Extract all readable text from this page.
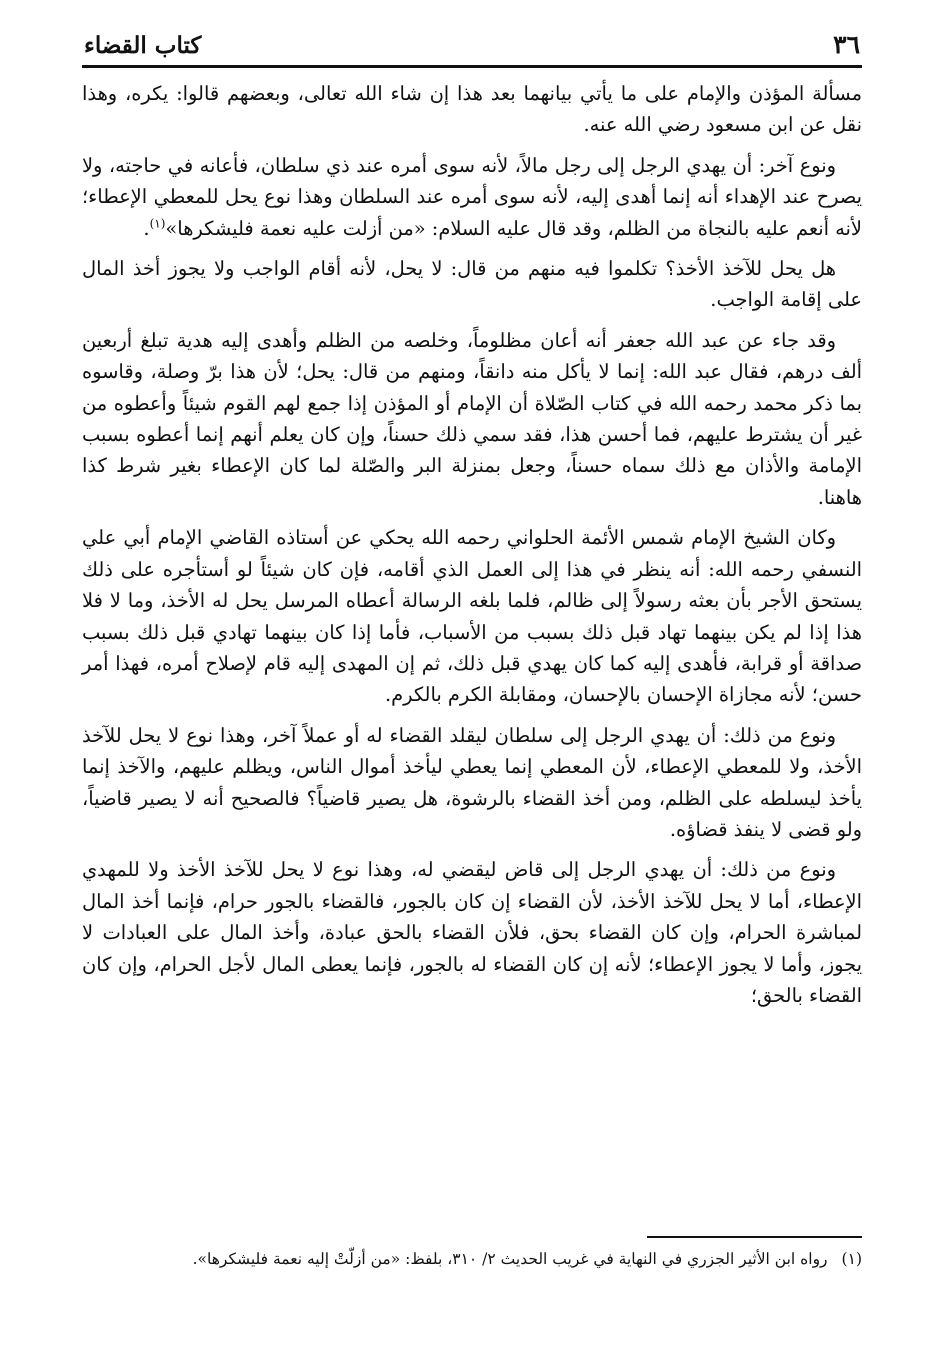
٣٦
كتاب القضاء

مسألة المؤذن والإمام على ما يأتي بيانهما بعد هذا إن شاء الله تعالى، وبعضهم قالوا: يكره، وهذا نقل عن ابن مسعود رضي الله عنه.

ونوع آخر: أن يهدي الرجل إلى رجل مالاً، لأنه سوى أمره عند ذي سلطان، فأعانه في حاجته، ولا يصرح عند الإهداء أنه إنما أهدى إليه، لأنه سوى أمره عند السلطان وهذا نوع يحل للمعطي الإعطاء؛ لأنه أنعم عليه بالنجاة من الظلم، وقد قال عليه السلام: «من أزلت عليه نعمة فليشكرها»$^{(١)}$.

هل يحل للآخذ الأخذ؟ تكلموا فيه منهم من قال: لا يحل، لأنه أقام الواجب ولا يجوز أخذ المال على إقامة الواجب.

وقد جاء عن عبد الله جعفر أنه أعان مظلوماً، وخلصه من الظلم وأهدى إليه هدية تبلغ أربعين ألف درهم، فقال عبد الله: إنما لا يأكل منه دانقاً، ومنهم من قال: يحل؛ لأن هذا برّ وصلة، وقاسوه بما ذكر محمد رحمه الله في كتاب الصّلاة أن الإمام أو المؤذن إذا جمع لهم القوم شيئاً وأعطوه من غير أن يشترط عليهم، فما أحسن هذا، فقد سمي ذلك حسناً، وإن كان يعلم أنهم إنما أعطوه بسبب الإمامة والأذان مع ذلك سماه حسناً، وجعل بمنزلة البر والصّلة لما كان الإعطاء بغير شرط كذا هاهنا.

وكان الشيخ الإمام شمس الأئمة الحلواني رحمه الله يحكي عن أستاذه القاضي الإمام أبي علي النسفي رحمه الله: أنه ينظر في هذا إلى العمل الذي أقامه، فإن كان شيئاً لو أستأجره على ذلك يستحق الأجر بأن بعثه رسولاً إلى ظالم، فلما بلغه الرسالة أعطاه المرسل يحل له الأخذ، وما لا فلا هذا إذا لم يكن بينهما تهاد قبل ذلك بسبب من الأسباب، فأما إذا كان بينهما تهادي قبل ذلك بسبب صداقة أو قرابة، فأهدى إليه كما كان يهدي قبل ذلك، ثم إن المهدى إليه قام لإصلاح أمره، فهذا أمر حسن؛ لأنه مجازاة الإحسان بالإحسان، ومقابلة الكرم بالكرم.

ونوع من ذلك: أن يهدي الرجل إلى سلطان ليقلد القضاء له أو عملاً آخر، وهذا نوع لا يحل للآخذ الأخذ، ولا للمعطي الإعطاء، لأن المعطي إنما يعطي ليأخذ أموال الناس، ويظلم عليهم، والآخذ إنما يأخذ ليسلطه على الظلم، ومن أخذ القضاء بالرشوة، هل يصير قاضياً؟ فالصحيح أنه لا يصير قاضياً، ولو قضى لا ينفذ قضاؤه.

ونوع من ذلك: أن يهدي الرجل إلى قاض ليقضي له، وهذا نوع لا يحل للآخذ الأخذ ولا للمهدي الإعطاء، أما لا يحل للآخذ الأخذ، لأن القضاء إن كان بالجور، فالقضاء بالجور حرام، فإنما أخذ المال لمباشرة الحرام، وإن كان القضاء بحق، فلأن القضاء بالحق عبادة، وأخذ المال على العبادات لا يجوز، وأما لا يجوز الإعطاء؛ لأنه إن كان القضاء له بالجور، فإنما يعطى المال لأجل الحرام، وإن كان القضاء بالحق؛

(١)رواه ابن الأثير الجزري في النهاية في غريب الحديث ٢/ ٣١٠، بلفظ: «من أزلّتْ إليه نعمة فليشكرها».
